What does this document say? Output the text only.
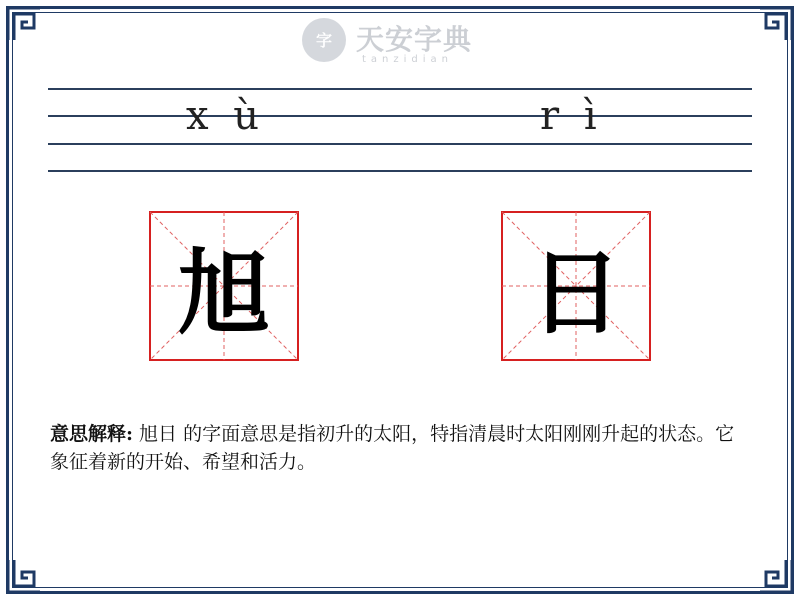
字 天安字典
tanzidian
x ù	r ì
旭	日
意思解释: 旭日 的字面意思是指初升的太阳，特指清晨时太阳刚刚升起的状态。它象征着新的开始、希望和活力。
